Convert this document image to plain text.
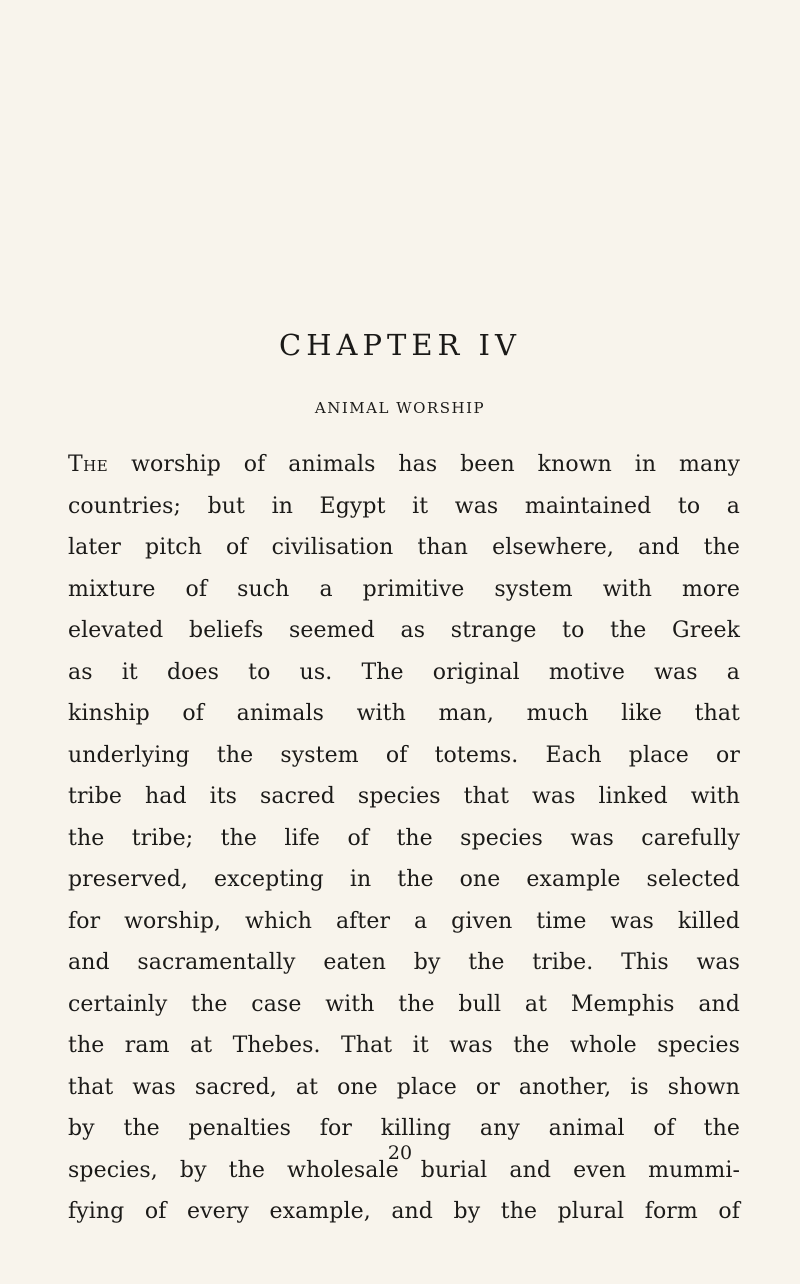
CHAPTER IV
ANIMAL WORSHIP
The worship of animals has been known in many
countries; but in Egypt it was maintained to a
later pitch of civilisation than elsewhere, and the
mixture of such a primitive system with more
elevated beliefs seemed as strange to the Greek
as it does to us. The original motive was a
kinship of animals with man, much like that
underlying the system of totems. Each place or
tribe had its sacred species that was linked with
the tribe; the life of the species was carefully
preserved, excepting in the one example selected
for worship, which after a given time was killed
and sacramentally eaten by the tribe. This was
certainly the case with the bull at Memphis and
the ram at Thebes. That it was the whole species
that was sacred, at one place or another, is shown
by the penalties for killing any animal of the
species, by the wholesale burial and even mummi-
fying of every example, and by the plural form of

20
